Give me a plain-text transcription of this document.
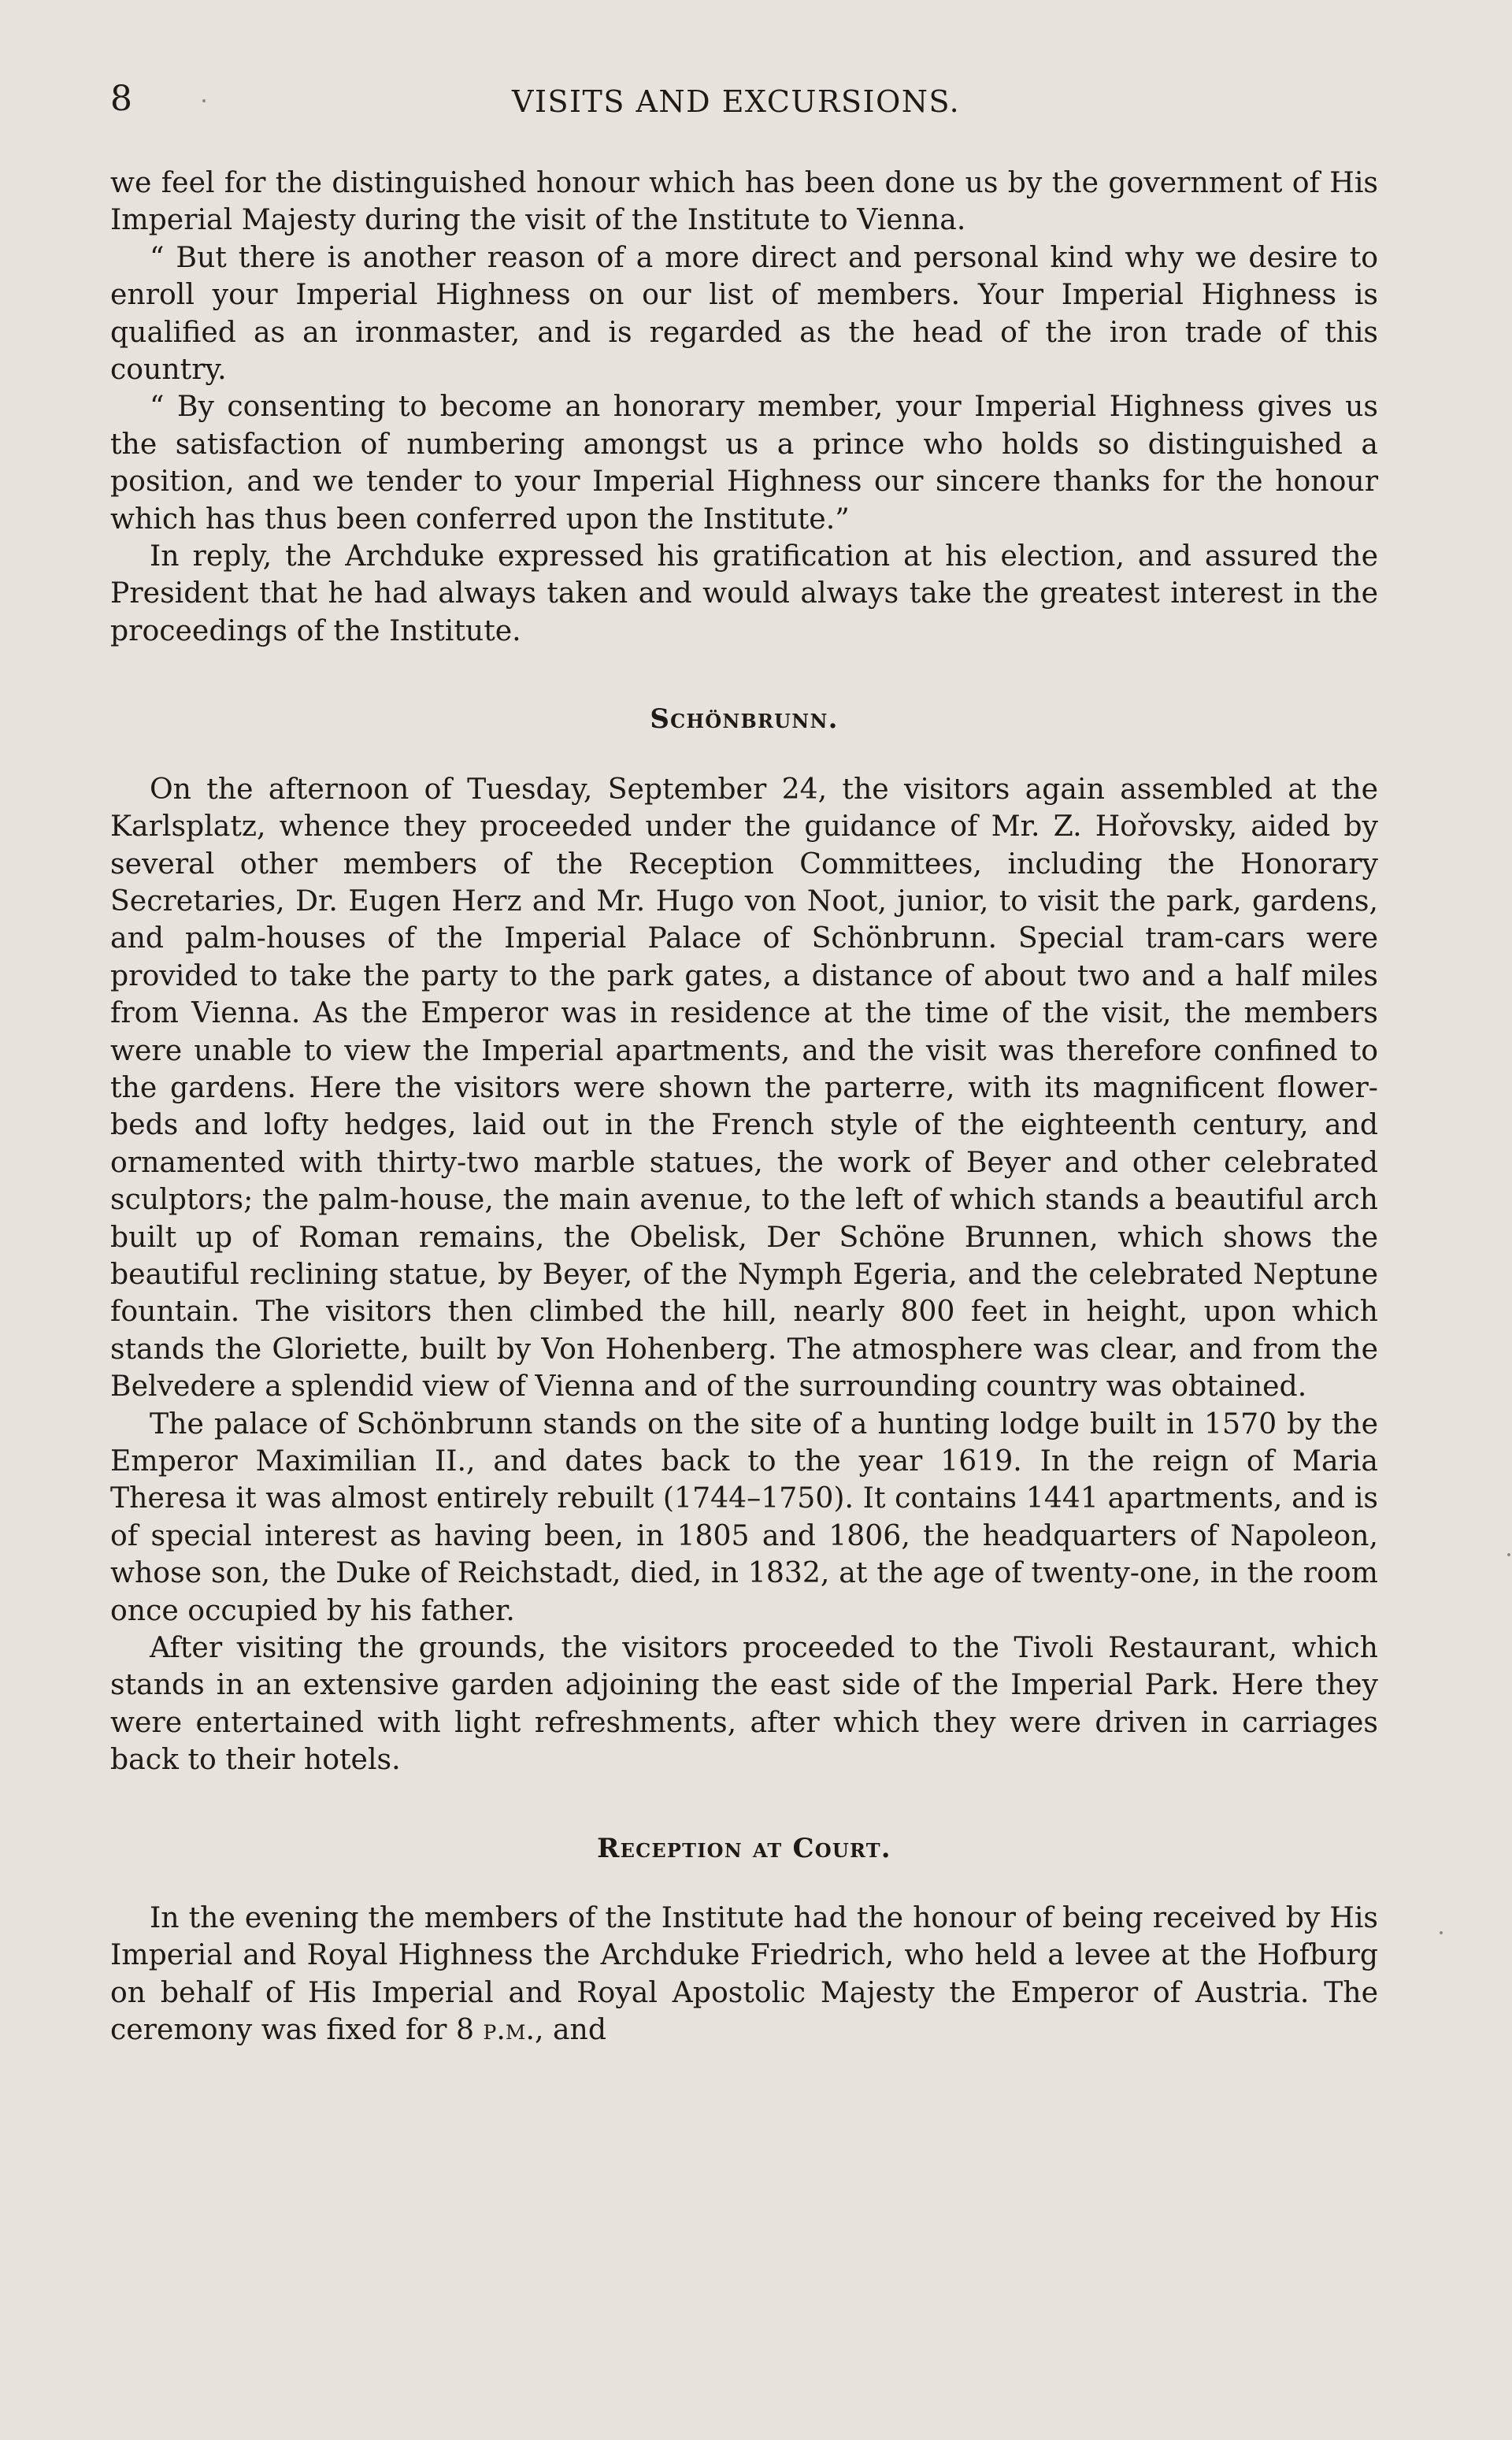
8	VISITS AND EXCURSIONS.

we feel for the distinguished honour which has been done us by the government of His Imperial Majesty during the visit of the Institute to Vienna.

“ But there is another reason of a more direct and personal kind why we desire to enroll your Imperial Highness on our list of members. Your Imperial Highness is qualified as an ironmaster, and is regarded as the head of the iron trade of this country.

“ By consenting to become an honorary member, your Imperial Highness gives us the satisfaction of numbering amongst us a prince who holds so distinguished a position, and we tender to your Imperial Highness our sincere thanks for the honour which has thus been conferred upon the Institute.”

In reply, the Archduke expressed his gratification at his election, and assured the President that he had always taken and would always take the greatest interest in the proceedings of the Institute.

Schönbrunn.

On the afternoon of Tuesday, September 24, the visitors again assembled at the Karlsplatz, whence they proceeded under the guidance of Mr. Z. Hořovsky, aided by several other members of the Reception Committees, including the Honorary Secretaries, Dr. Eugen Herz and Mr. Hugo von Noot, junior, to visit the park, gardens, and palm-houses of the Imperial Palace of Schönbrunn. Special tram-cars were provided to take the party to the park gates, a distance of about two and a half miles from Vienna. As the Emperor was in residence at the time of the visit, the members were unable to view the Imperial apartments, and the visit was therefore confined to the gardens. Here the visitors were shown the parterre, with its magnificent flower-beds and lofty hedges, laid out in the French style of the eighteenth century, and ornamented with thirty-two marble statues, the work of Beyer and other celebrated sculptors; the palm-house, the main avenue, to the left of which stands a beautiful arch built up of Roman remains, the Obelisk, Der Schöne Brunnen, which shows the beautiful reclining statue, by Beyer, of the Nymph Egeria, and the celebrated Neptune fountain. The visitors then climbed the hill, nearly 800 feet in height, upon which stands the Gloriette, built by Von Hohenberg. The atmosphere was clear, and from the Belvedere a splendid view of Vienna and of the surrounding country was obtained.

The palace of Schönbrunn stands on the site of a hunting lodge built in 1570 by the Emperor Maximilian II., and dates back to the year 1619. In the reign of Maria Theresa it was almost entirely rebuilt (1744–1750). It contains 1441 apartments, and is of special interest as having been, in 1805 and 1806, the headquarters of Napoleon, whose son, the Duke of Reichstadt, died, in 1832, at the age of twenty-one, in the room once occupied by his father.

After visiting the grounds, the visitors proceeded to the Tivoli Restaurant, which stands in an extensive garden adjoining the east side of the Imperial Park. Here they were entertained with light refreshments, after which they were driven in carriages back to their hotels.

Reception at Court.

In the evening the members of the Institute had the honour of being received by His Imperial and Royal Highness the Archduke Friedrich, who held a levee at the Hofburg on behalf of His Imperial and Royal Apostolic Majesty the Emperor of Austria. The ceremony was fixed for 8 p.m., and
